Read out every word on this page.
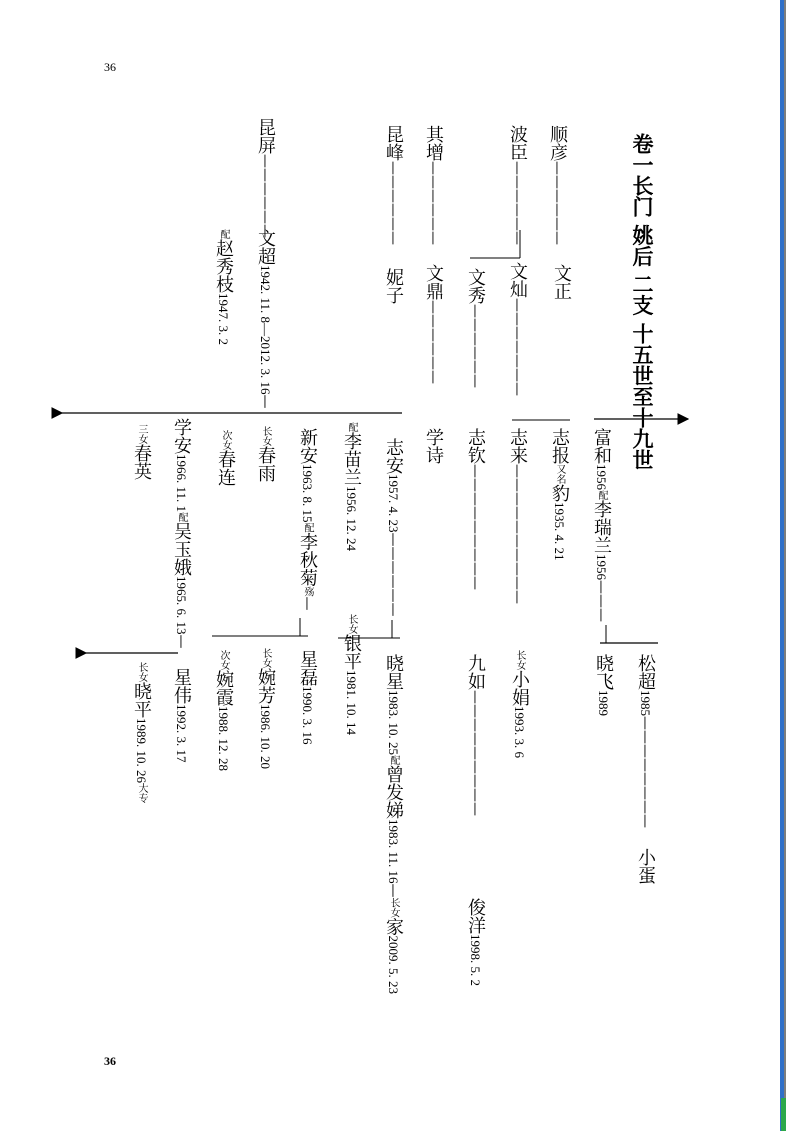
36
36
卷一长门 姚后 二支 十五世至十九世
顺彦——————
波臣——————
其增——————
昆峰——————
昆屏——————
文正
文灿———————
文秀——————
文鼎——————
妮子
文超1942. 11. 8—2012. 3. 16—
配赵秀枝1947. 3. 2
富和1956配李瑞兰1956———
志报又名豹1935. 4. 21
志来——————————
志钦—————————
学诗
志安1957. 4. 23——————
配李苗兰1956. 12. 24
新安1963. 8. 15配李秋菊殇—
长女春雨
次女春连
三女春英
学安1966. 11. 1配吴玉娥1965. 6. 13—
松超1985————————
晓飞1989
长女小娟1993. 3. 6
九如—————————
晓星1983. 10. 25配曾发娣1983. 11. 16—长女家2009. 5. 23
长女银平1981. 10. 14
星磊1990. 3. 16
长女婉芳1986. 10. 20
次女婉霞1988. 12. 28
星伟1992. 3. 17
长女晓平1989. 10. 26大专
小蛋
俊洋1998. 5. 2
